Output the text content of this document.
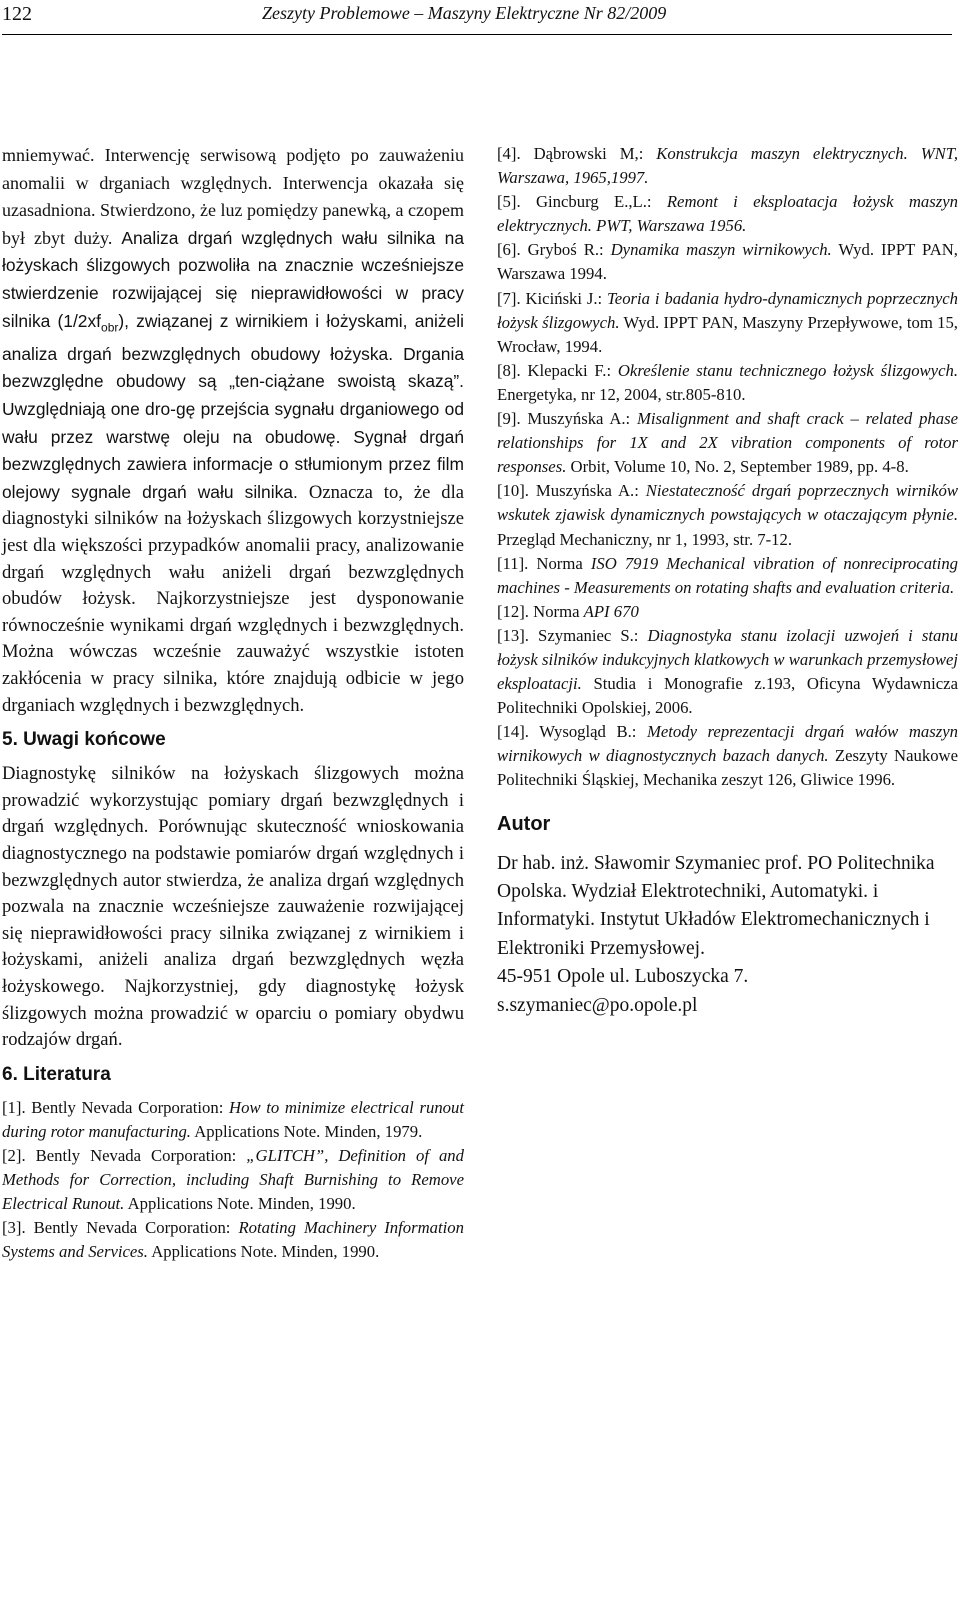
122	Zeszyty Problemowe – Maszyny Elektryczne Nr 82/2009

mniemywać. Interwencję serwisową podjęto po zauważeniu anomalii w drganiach względnych. Interwencja okazała się uzasadniona. Stwierdzono, że luz pomiędzy panewką, a czopem był zbyt duży. Analiza drgań względnych wału silnika na łożyskach ślizgowych pozwoliła na znacznie wcześniejsze stwierdzenie rozwijającej się nieprawidłowości w pracy silnika $(1/2xf_{obr})$, związanej z wirnikiem i łożyskami, aniżeli analiza drgań bezwzględnych obudowy łożyska. Drgania bezwzględne obudowy są „ten-ciążane swoistą skazą”. Uwzględniają one dro-gę przejścia sygnału drganiowego od wału przez warstwę oleju na obudowę. Sygnał drgań bezwzględnych zawiera informacje o stłumionym przez film olejowy sygnale drgań wału silnika. Oznacza to, że dla diagnostyki silników na łożyskach ślizgowych korzystniejsze jest dla większości przypadków anomalii pracy, analizowanie drgań względnych wału aniżeli drgań bezwzględnych obudów łożysk. Najkorzystniejsze jest dysponowanie równocześnie wynikami drgań względnych i bezwzględnych. Można wówczas wcześnie zauważyć wszystkie istoten zakłócenia w pracy silnika, które znajdują odbicie w jego drganiach względnych i bezwzględnych.

5. Uwagi końcowe

Diagnostykę silników na łożyskach ślizgowych można prowadzić wykorzystując pomiary drgań bezwzględnych i drgań względnych. Porównując skuteczność wnioskowania diagnostycznego na podstawie pomiarów drgań względnych i bezwzględnych autor stwierdza, że analiza drgań względnych pozwala na znacznie wcześniejsze zauważenie rozwijającej się nieprawidłowości pracy silnika związanej z wirnikiem i łożyskami, aniżeli analiza drgań bezwzględnych węzła łożyskowego. Najkorzystniej, gdy diagnostykę łożysk ślizgowych można prowadzić w oparciu o pomiary obydwu rodzajów drgań.

6. Literatura

[1]. Bently Nevada Corporation: How to minimize electrical runout during rotor manufacturing. Applications Note. Minden, 1979.

[2]. Bently Nevada Corporation: „GLITCH”, Definition of and Methods for Correction, including Shaft Burnishing to Remove Electrical Runout. Applications Note. Minden, 1990.

[3]. Bently Nevada Corporation: Rotating Machinery Information Systems and Services. Applications Note. Minden, 1990.

[4]. Dąbrowski M,: Konstrukcja maszyn elektrycznych. WNT, Warszawa, 1965,1997.

[5]. Gincburg E.,L.: Remont i eksploatacja łożysk maszyn elektrycznych. PWT, Warszawa 1956.

[6]. Gryboś R.: Dynamika maszyn wirnikowych. Wyd. IPPT PAN, Warszawa 1994.

[7]. Kiciński J.: Teoria i badania hydro-dynamicznych poprzecznych łożysk ślizgowych. Wyd. IPPT PAN, Maszyny Przepływowe, tom 15, Wrocław, 1994.

[8]. Klepacki F.: Określenie stanu technicznego łożysk ślizgowych. Energetyka, nr 12, 2004, str.805-810.

[9]. Muszyńska A.: Misalignment and shaft crack – related phase relationships for 1X and 2X vibration components of rotor responses. Orbit, Volume 10, No. 2, September 1989, pp. 4-8.

[10]. Muszyńska A.: Niestateczność drgań poprzecznych wirników wskutek zjawisk dynamicznych powstających w otaczającym płynie. Przegląd Mechaniczny, nr 1, 1993, str. 7-12.

[11]. Norma ISO 7919 Mechanical vibration of nonreciprocating machines - Measurements on rotating shafts and evaluation criteria.

[12]. Norma API 670

[13]. Szymaniec S.: Diagnostyka stanu izolacji uzwojeń i stanu łożysk silników indukcyjnych klatkowych w warunkach przemysłowej eksploatacji. Studia i Monografie z.193, Oficyna Wydawnicza Politechniki Opolskiej, 2006.

[14]. Wysogląd B.: Metody reprezentacji drgań wałów maszyn wirnikowych w diagnostycznych bazach danych. Zeszyty Naukowe Politechniki Śląskiej, Mechanika zeszyt 126, Gliwice 1996.

Autor

Dr hab. inż. Sławomir Szymaniec prof. PO Politechnika Opolska. Wydział Elektrotechniki, Automatyki. i Informatyki. Instytut Układów Elektromechanicznych i Elektroniki Przemysłowej.

45-951 Opole ul. Luboszycka 7.

s.szymaniec@po.opole.pl
